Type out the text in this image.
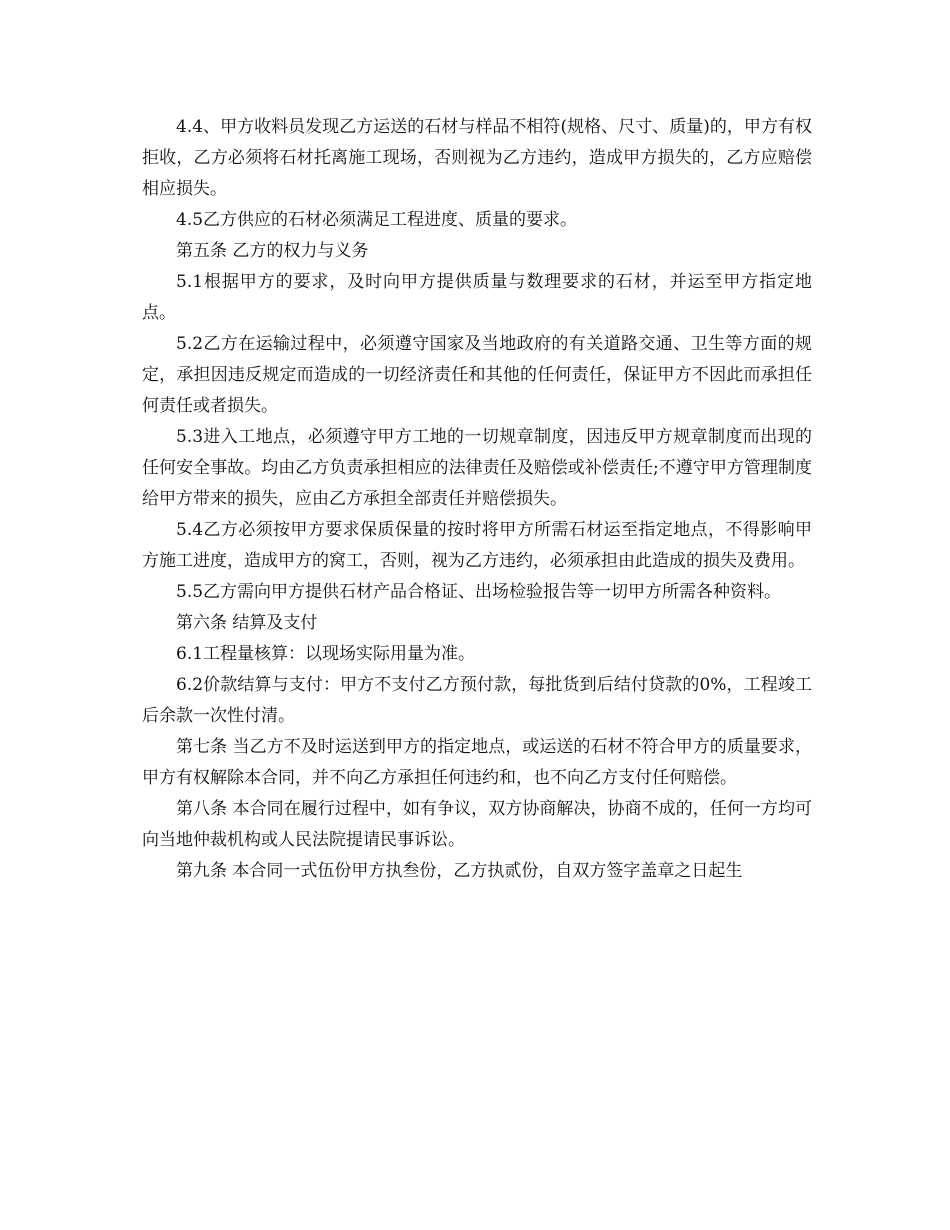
4.4、甲方收料员发现乙方运送的石材与样品不相符(规格、尺寸、质量)的，甲方有权拒收，乙方必须将石材托离施工现场，否则视为乙方违约，造成甲方损失的，乙方应赔偿相应损失。

4.5乙方供应的石材必须满足工程进度、质量的要求。

第五条 乙方的权力与义务

5.1根据甲方的要求，及时向甲方提供质量与数理要求的石材，并运至甲方指定地点。

5.2乙方在运输过程中，必须遵守国家及当地政府的有关道路交通、卫生等方面的规定，承担因违反规定而造成的一切经济责任和其他的任何责任，保证甲方不因此而承担任何责任或者损失。

5.3进入工地点，必须遵守甲方工地的一切规章制度，因违反甲方规章制度而出现的任何安全事故。均由乙方负责承担相应的法律责任及赔偿或补偿责任;不遵守甲方管理制度给甲方带来的损失，应由乙方承担全部责任并赔偿损失。

5.4乙方必须按甲方要求保质保量的按时将甲方所需石材运至指定地点，不得影响甲方施工进度，造成甲方的窝工，否则，视为乙方违约，必须承担由此造成的损失及费用。

5.5乙方需向甲方提供石材产品合格证、出场检验报告等一切甲方所需各种资料。

第六条 结算及支付

6.1工程量核算：以现场实际用量为准。

6.2价款结算与支付：甲方不支付乙方预付款，每批货到后结付贷款的0%，工程竣工后余款一次性付清。

第七条 当乙方不及时运送到甲方的指定地点，或运送的石材不符合甲方的质量要求，甲方有权解除本合同，并不向乙方承担任何违约和，也不向乙方支付任何赔偿。

第八条 本合同在履行过程中，如有争议，双方协商解决，协商不成的，任何一方均可向当地仲裁机构或人民法院提请民事诉讼。

第九条 本合同一式伍份甲方执叁份，乙方执贰份，自双方签字盖章之日起生
